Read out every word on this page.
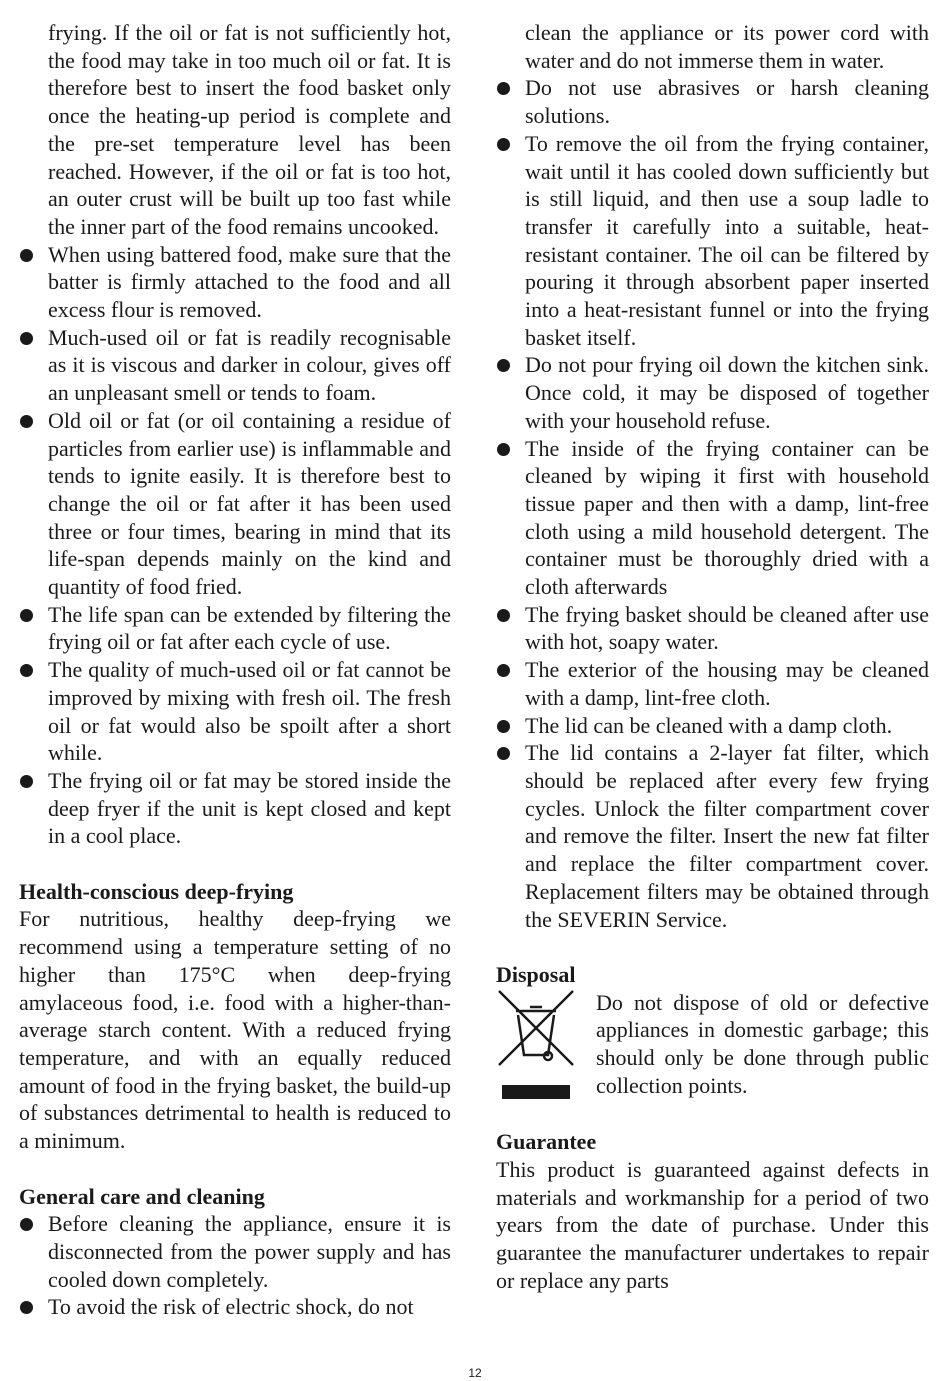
frying. If the oil or fat is not sufficiently hot, the food may take in too much oil or fat. It is therefore best to insert the food basket only once the heating-up period is complete and the pre-set temperature level has been reached. However, if the oil or fat is too hot, an outer crust will be built up too fast while the inner part of the food remains uncooked.

When using battered food, make sure that the batter is firmly attached to the food and all excess flour is removed.
Much-used oil or fat is readily recognisable as it is viscous and darker in colour, gives off an unpleasant smell or tends to foam.
Old oil or fat (or oil containing a residue of particles from earlier use) is inflammable and tends to ignite easily. It is therefore best to change the oil or fat after it has been used three or four times, bearing in mind that its life-span depends mainly on the kind and quantity of food fried.
The life span can be extended by filtering the frying oil or fat after each cycle of use.
The quality of much-used oil or fat cannot be improved by mixing with fresh oil. The fresh oil or fat would also be spoilt after a short while.
The frying oil or fat may be stored inside the deep fryer if the unit is kept closed and kept in a cool place.

Health-conscious deep-frying

For nutritious, healthy deep-frying we recommend using a temperature setting of no higher than 175°C when deep-frying amylaceous food, i.e. food with a higher-than-average starch content. With a reduced frying temperature, and with an equally reduced amount of food in the frying basket, the build-up of substances detrimental to health is reduced to a minimum.

General care and cleaning

Before cleaning the appliance, ensure it is disconnected from the power supply and has cooled down completely.
To avoid the risk of electric shock, do not

clean the appliance or its power cord with water and do not immerse them in water.

Do not use abrasives or harsh cleaning solutions.
To remove the oil from the frying container, wait until it has cooled down sufficiently but is still liquid, and then use a soup ladle to transfer it carefully into a suitable, heat-resistant container. The oil can be filtered by pouring it through absorbent paper inserted into a heat-resistant funnel or into the frying basket itself.
Do not pour frying oil down the kitchen sink. Once cold, it may be disposed of together with your household refuse.
The inside of the frying container can be cleaned by wiping it first with household tissue paper and then with a damp, lint-free cloth using a mild household detergent. The container must be thoroughly dried with a cloth afterwards
The frying basket should be cleaned after use with hot, soapy water.
The exterior of the housing may be cleaned with a damp, lint-free cloth.
The lid can be cleaned with a damp cloth.
The lid contains a 2-layer fat filter, which should be replaced after every few frying cycles. Unlock the filter compartment cover and remove the filter. Insert the new fat filter and replace the filter compartment cover. Replacement filters may be obtained through the SEVERIN Service.

Disposal

Do not dispose of old or defective appliances in domestic garbage; this should only be done through public collection points.

Guarantee

This product is guaranteed against defects in materials and workmanship for a period of two years from the date of purchase. Under this guarantee the manufacturer undertakes to repair or replace any parts

12
